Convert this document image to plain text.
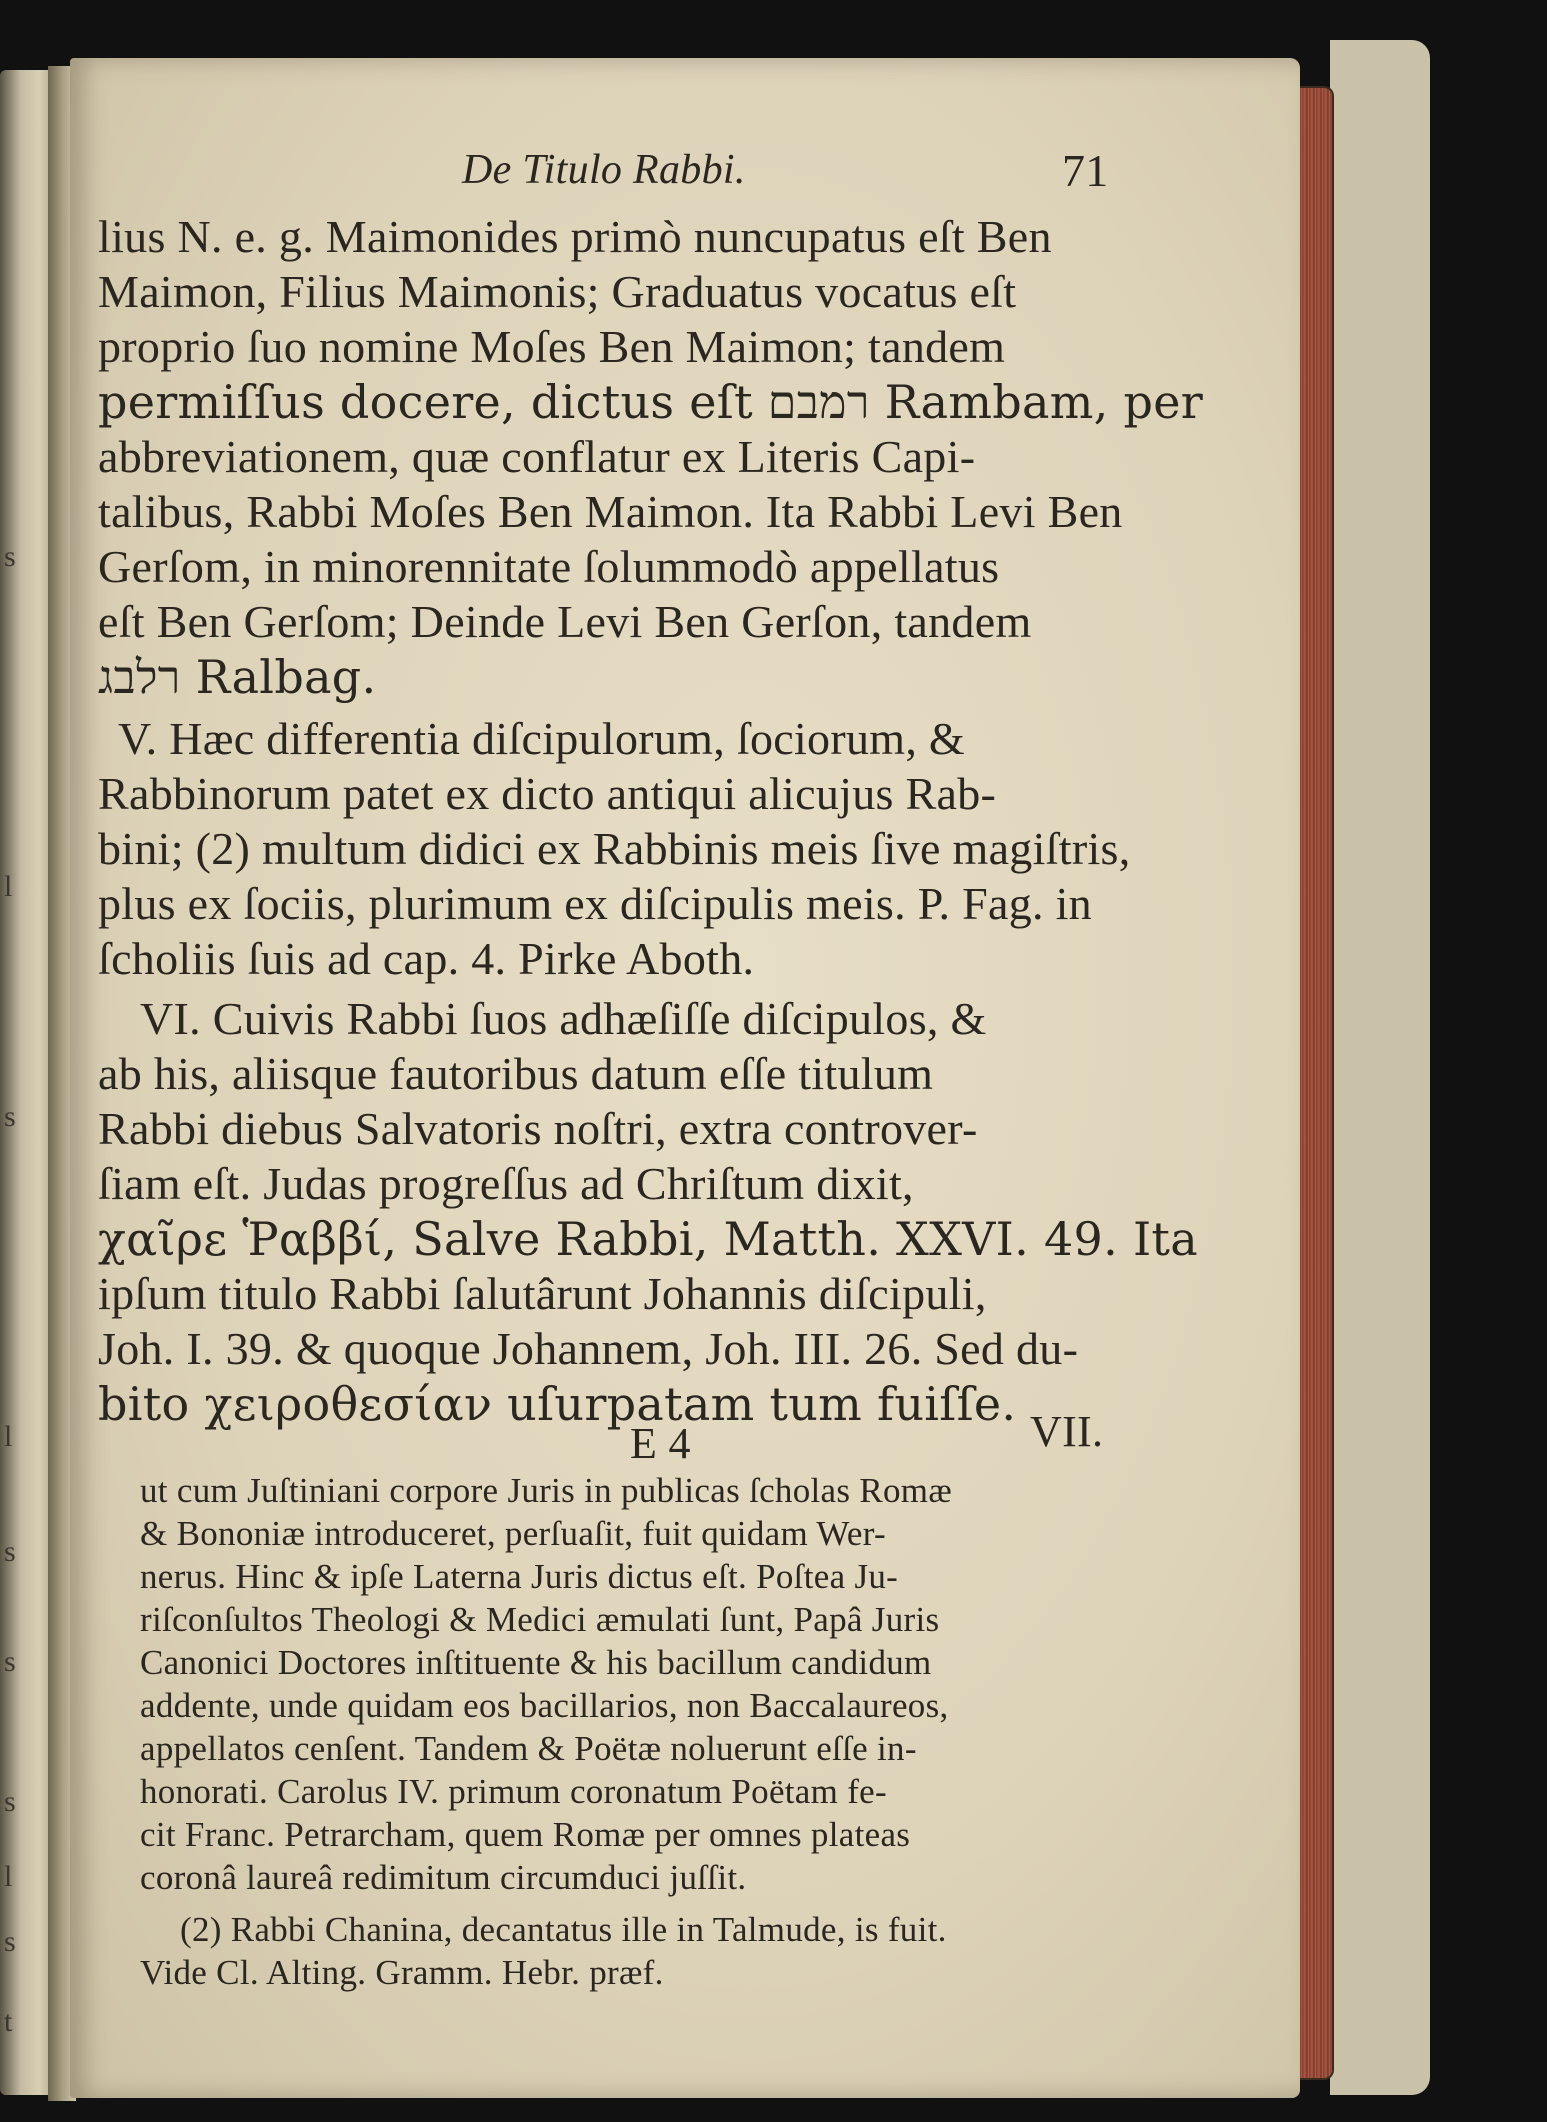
s
l
s
l
s
s
s
l
s
t
De Titulo Rabbi.	71
lius N. e. g. Maimonides primò nuncupatus eſt Ben
Maimon, Filius Maimonis; Graduatus vocatus eſt
proprio ſuo nomine Moſes Ben Maimon; tandem
permiſſus docere, dictus eſt רמבם Rambam, per
abbreviationem, quæ conflatur ex Literis Capi-
talibus, Rabbi Moſes Ben Maimon. Ita Rabbi Levi Ben
Gerſom, in minorennitate ſolummodò appellatus
eſt Ben Gerſom; Deinde Levi Ben Gerſon, tandem
רלבג Ralbag.
V. Hæc differentia diſcipulorum, ſociorum, &
Rabbinorum patet ex dicto antiqui alicujus Rab-
bini; (2) multum didici ex Rabbinis meis ſive magiſtris,
plus ex ſociis, plurimum ex diſcipulis meis. P. Fag. in
ſcholiis ſuis ad cap. 4. Pirke Aboth.
VI. Cuivis Rabbi ſuos adhæſiſſe diſcipulos, &
ab his, aliisque fautoribus datum eſſe titulum
Rabbi diebus Salvatoris noſtri, extra controver-
ſiam eſt. Judas progreſſus ad Chriſtum dixit,
χαῖρε Ῥαββί, Salve Rabbi, Matth. XXVI. 49. Ita
ipſum titulo Rabbi ſalutârunt Johannis diſcipuli,
Joh. I. 39. & quoque Johannem, Joh. III. 26. Sed du-
bito χειροθεσίαν uſurpatam tum fuiſſe.
E 4	VII.
ut cum Juſtiniani corpore Juris in publicas ſcholas Romæ
& Bononiæ introduceret, perſuaſit, fuit quidam Wer-
nerus. Hinc & ipſe Laterna Juris dictus eſt. Poſtea Ju-
riſconſultos Theologi & Medici æmulati ſunt, Papâ Juris
Canonici Doctores inſtituente & his bacillum candidum
addente, unde quidam eos bacillarios, non Baccalaureos,
appellatos cenſent. Tandem & Poëtæ noluerunt eſſe in-
honorati. Carolus IV. primum coronatum Poëtam fe-
cit Franc. Petrarcham, quem Romæ per omnes plateas
coronâ laureâ redimitum circumduci juſſit.
(2) Rabbi Chanina, decantatus ille in Talmude, is fuit.
Vide Cl. Alting. Gramm. Hebr. præf.
